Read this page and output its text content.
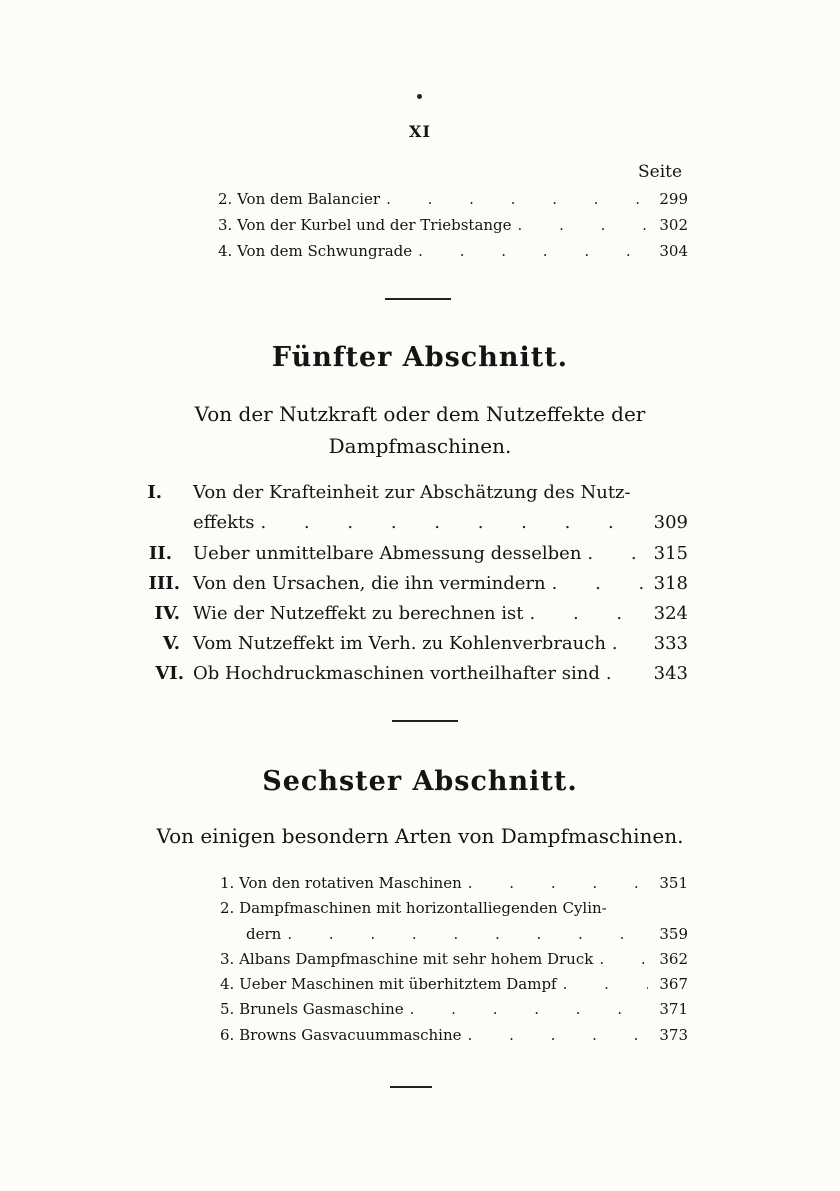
XI
Seite
2. Von dem Balancier . . .	299
3. Von der Kurbel und der Triebstange . . .	302
4. Von dem Schwungrade . . .	304
Fünfter Abschnitt.
Von der Nutzkraft oder dem Nutzeffekte der
Dampfmaschinen.
I. Von der Krafteinheit zur Abschätzung des Nutz-
effekts . . .	309
II. Ueber unmittelbare Abmessung desselben . . .	315
III. Von den Ursachen, die ihn vermindern . . .	318
IV. Wie der Nutzeffekt zu berechnen ist . . .	324
V. Vom Nutzeffekt im Verh. zu Kohlenverbrauch . . .	333
VI. Ob Hochdruckmaschinen vortheilhafter sind . . .	343
Sechster Abschnitt.
Von einigen besondern Arten von Dampfmaschinen.
1. Von den rotativen Maschinen . . .	351
2. Dampfmaschinen mit horizontalliegenden Cylin-
dern . . .	359
3. Albans Dampfmaschine mit sehr hohem Druck . . .	362
4. Ueber Maschinen mit überhitztem Dampf . . .	367
5. Brunels Gasmaschine . . .	371
6. Browns Gasvacuummaschine . . .	373
